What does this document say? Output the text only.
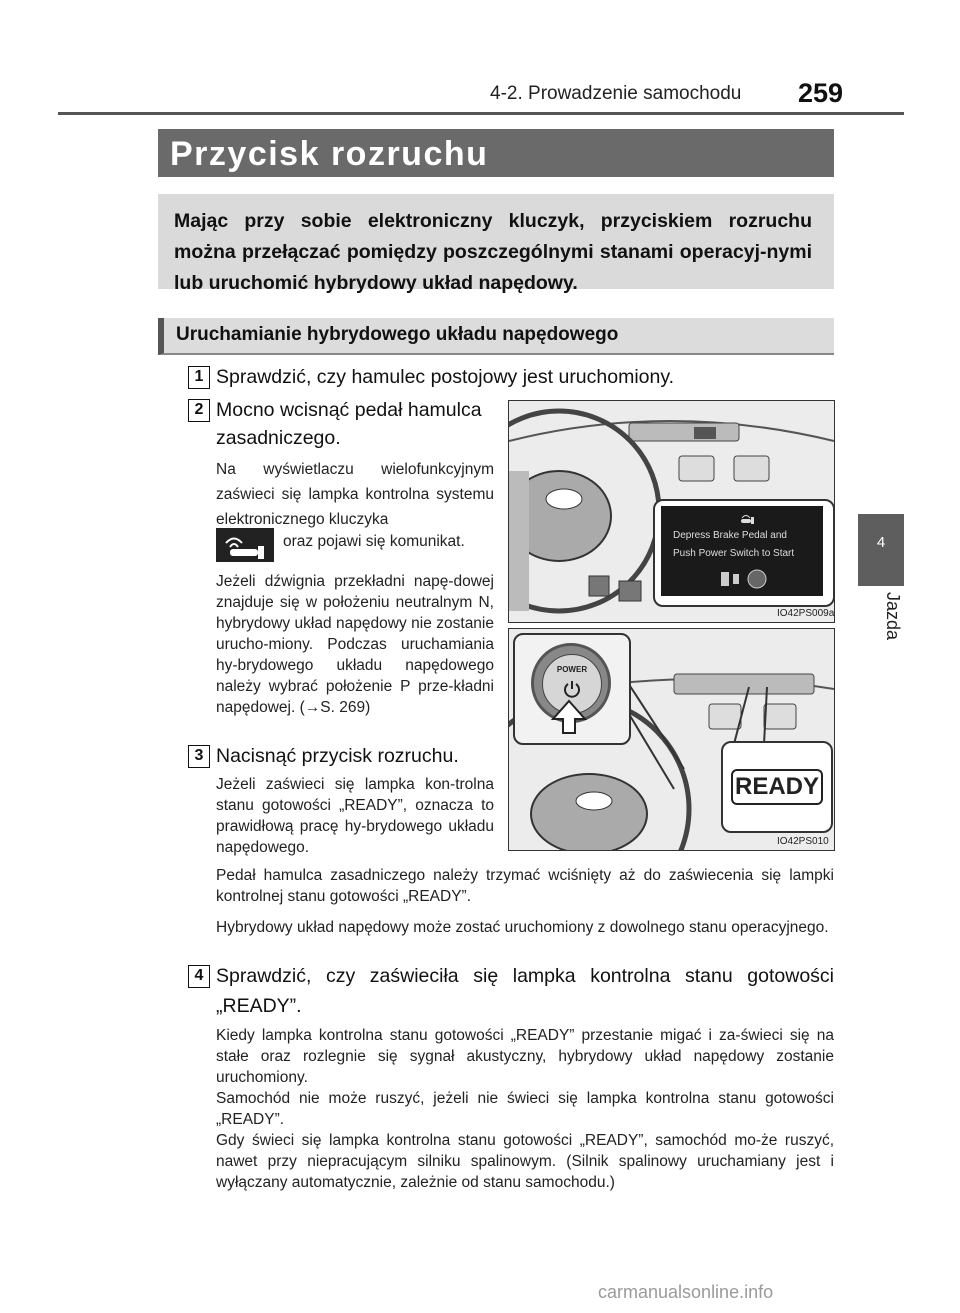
4-2. Prowadzenie samochodu 259
4
Jazda
Przycisk rozruchu
Mając przy sobie elektroniczny kluczyk, przyciskiem rozruchu można przełączać pomiędzy poszczególnymi stanami operacyj-nymi lub uruchomić hybrydowy układ napędowy.
Uruchamianie hybrydowego układu napędowego
1 Sprawdzić, czy hamulec postojowy jest uruchomiony.
2 Mocno wcisnąć pedał hamulca
zasadniczego.
Na wyświetlaczu wielofunkcyjnym zaświeci się lampka kontrolna systemu elektronicznego kluczyka
oraz pojawi się komunikat.
Jeżeli dźwignia przekładni napę-dowej znajduje się w położeniu neutralnym N, hybrydowy układ napędowy nie zostanie urucho-miony. Podczas uruchamiania hy-brydowego układu napędowego należy wybrać położenie P prze-kładni napędowej. (→S. 269)
Depress Brake Pedal and
Push Power Switch to Start
IO42PS009a
POWER
READY
IO42PS010
3 Nacisnąć przycisk rozruchu.
Jeżeli zaświeci się lampka kon-trolna stanu gotowości „READY”, oznacza to prawidłową pracę hy-brydowego układu napędowego.
Pedał hamulca zasadniczego należy trzymać wciśnięty aż do zaświecenia się lampki kontrolnej stanu gotowości „READY”.
Hybrydowy układ napędowy może zostać uruchomiony z dowolnego stanu operacyjnego.
4 Sprawdzić, czy zaświeciła się lampka kontrolna stanu gotowości „READY”.
Kiedy lampka kontrolna stanu gotowości „READY” przestanie migać i za-świeci się na stałe oraz rozlegnie się sygnał akustyczny, hybrydowy układ napędowy zostanie uruchomiony.
Samochód nie może ruszyć, jeżeli nie świeci się lampka kontrolna stanu gotowości „READY”.
Gdy świeci się lampka kontrolna stanu gotowości „READY”, samochód mo-że ruszyć, nawet przy niepracującym silniku spalinowym. (Silnik spalinowy uruchamiany jest i wyłączany automatycznie, zależnie od stanu samochodu.)
carmanualsonline.info
